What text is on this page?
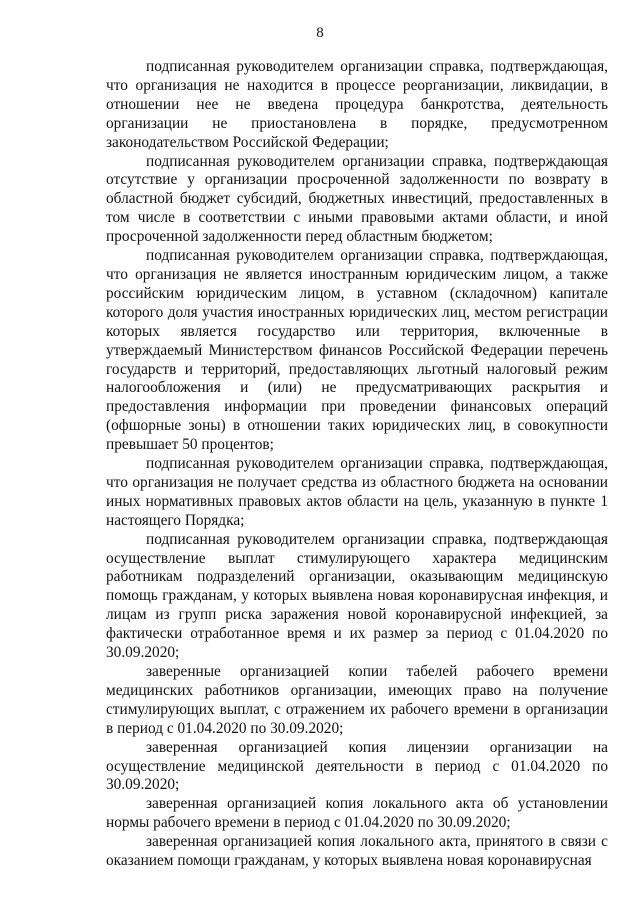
8

подписанная руководителем организации справка, подтверждающая, что организация не находится в процессе реорганизации, ликвидации, в отношении нее не введена процедура банкротства, деятельность организации не приостановлена в порядке, предусмотренном законодательством Российской Федерации;

подписанная руководителем организации справка, подтверждающая отсутствие у организации просроченной задолженности по возврату в областной бюджет субсидий, бюджетных инвестиций, предоставленных в том числе в соответствии с иными правовыми актами области, и иной просроченной задолженности перед областным бюджетом;

подписанная руководителем организации справка, подтверждающая, что организация не является иностранным юридическим лицом, а также российским юридическим лицом, в уставном (складочном) капитале которого доля участия иностранных юридических лиц, местом регистрации которых является государство или территория, включенные в утверждаемый Министерством финансов Российской Федерации перечень государств и территорий, предоставляющих льготный налоговый режим налогообложения и (или) не предусматривающих раскрытия и предоставления информации при проведении финансовых операций (офшорные зоны) в отношении таких юридических лиц, в совокупности превышает 50 процентов;

подписанная руководителем организации справка, подтверждающая, что организация не получает средства из областного бюджета на основании иных нормативных правовых актов области на цель, указанную в пункте 1 настоящего Порядка;

подписанная руководителем организации справка, подтверждающая осуществление выплат стимулирующего характера медицинским работникам подразделений организации, оказывающим медицинскую помощь гражданам, у которых выявлена новая коронавирусная инфекция, и лицам из групп риска заражения новой коронавирусной инфекцией, за фактически отработанное время и их размер за период с 01.04.2020 по 30.09.2020;

заверенные организацией копии табелей рабочего времени медицинских работников организации, имеющих право на получение стимулирующих выплат, с отражением их рабочего времени в организации в период с 01.04.2020 по 30.09.2020;

заверенная организацией копия лицензии организации на осуществление медицинской деятельности в период с 01.04.2020 по 30.09.2020;

заверенная организацией копия локального акта об установлении нормы рабочего времени в период с 01.04.2020 по 30.09.2020;

заверенная организацией копия локального акта, принятого в связи с оказанием помощи гражданам, у которых выявлена новая коронавирусная
